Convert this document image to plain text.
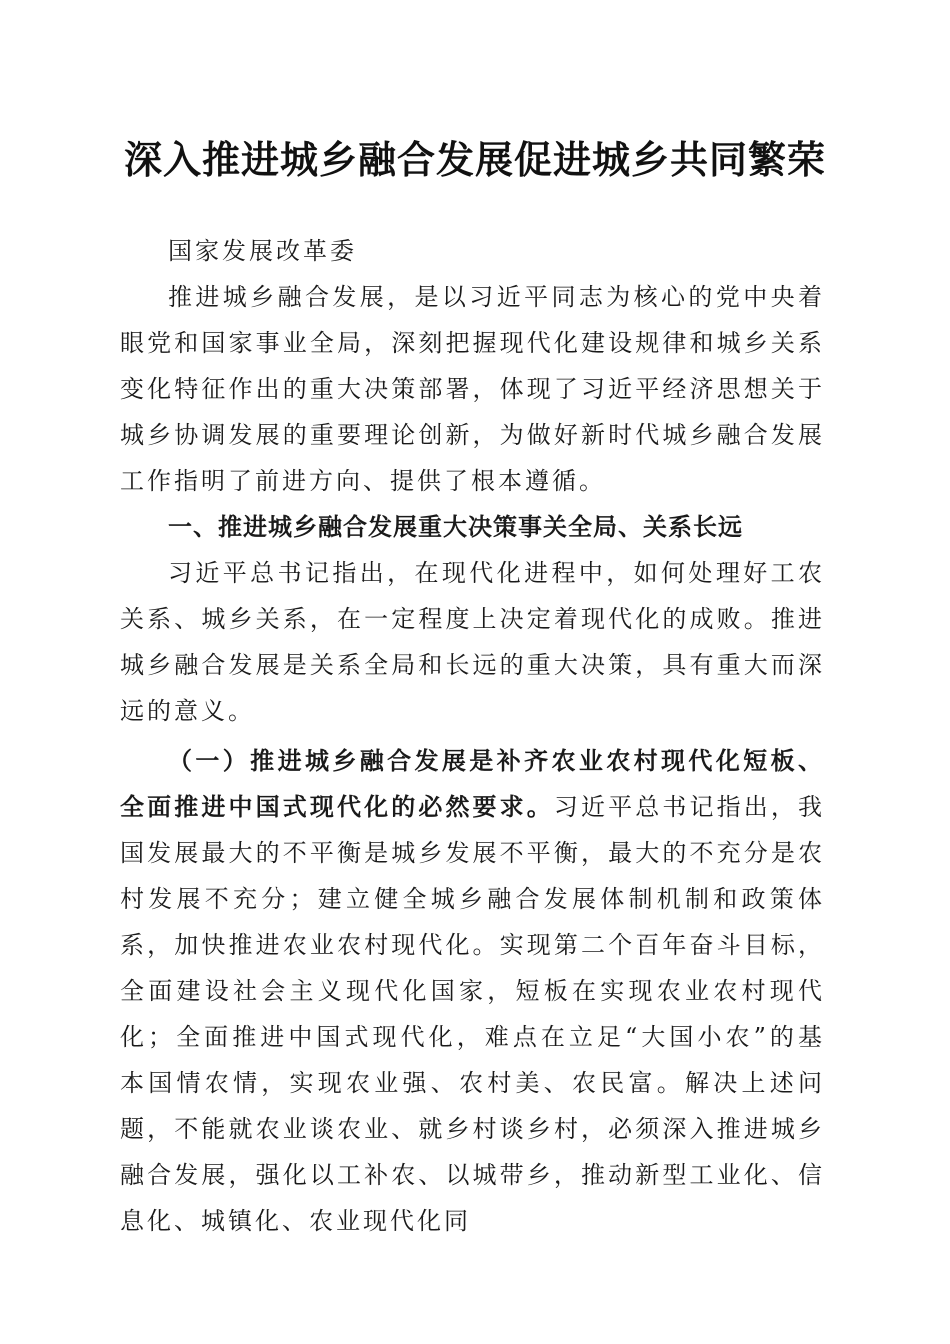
深入推进城乡融合发展促进城乡共同繁荣

国家发展改革委

推进城乡融合发展，是以习近平同志为核心的党中央着眼党和国家事业全局，深刻把握现代化建设规律和城乡关系变化特征作出的重大决策部署，体现了习近平经济思想关于城乡协调发展的重要理论创新，为做好新时代城乡融合发展工作指明了前进方向、提供了根本遵循。

一、推进城乡融合发展重大决策事关全局、关系长远

习近平总书记指出，在现代化进程中，如何处理好工农关系、城乡关系，在一定程度上决定着现代化的成败。推进城乡融合发展是关系全局和长远的重大决策，具有重大而深远的意义。

（一）推进城乡融合发展是补齐农业农村现代化短板、全面推进中国式现代化的必然要求。习近平总书记指出，我国发展最大的不平衡是城乡发展不平衡，最大的不充分是农村发展不充分；建立健全城乡融合发展体制机制和政策体系，加快推进农业农村现代化。实现第二个百年奋斗目标，全面建设社会主义现代化国家，短板在实现农业农村现代化；全面推进中国式现代化，难点在立足“大国小农”的基本国情农情，实现农业强、农村美、农民富。解决上述问题，不能就农业谈农业、就乡村谈乡村，必须深入推进城乡融合发展，强化以工补农、以城带乡，推动新型工业化、信息化、城镇化、农业现代化同
